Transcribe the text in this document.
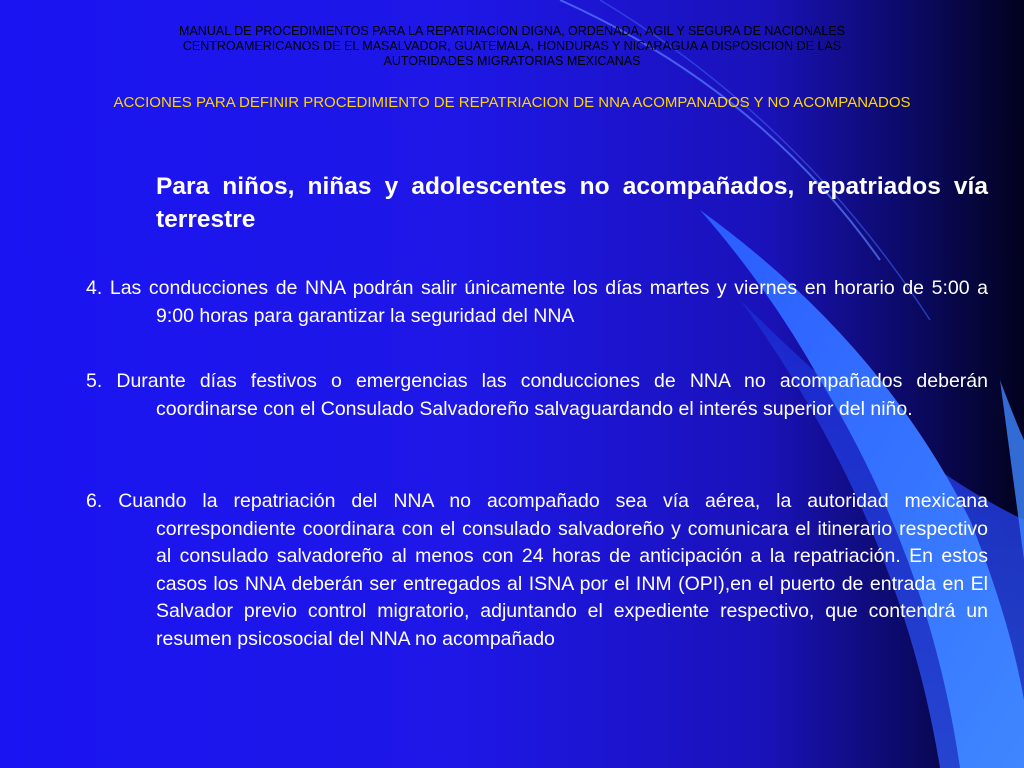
MANUAL DE PROCEDIMIENTOS PARA LA REPATRIACION DIGNA, ORDENADA, AGIL Y SEGURA DE NACIONALES
CENTROAMERICANOS DE EL MASALVADOR, GUATEMALA, HONDURAS Y NICARAGUA A DISPOSICION DE LAS
AUTORIDADES MIGRATORIAS MEXICANAS
ACCIONES PARA DEFINIR PROCEDIMIENTO DE REPATRIACION DE NNA ACOMPANADOS Y NO ACOMPANADOS
Para niños, niñas y adolescentes no acompañados, repatriados vía terrestre
4. Las conducciones de NNA podrán salir únicamente los días martes y viernes en horario de 5:00 a 9:00 horas para garantizar la seguridad del NNA
5. Durante días festivos o emergencias las conducciones de NNA no acompañados deberán coordinarse con el Consulado Salvadoreño salvaguardando el interés superior del niño.
6. Cuando la repatriación del NNA no acompañado sea vía aérea, la autoridad mexicana correspondiente coordinara con el consulado salvadoreño y comunicara el itinerario respectivo al consulado salvadoreño al menos con 24 horas de anticipación a la repatriación. En estos casos los NNA deberán ser entregados al ISNA por el INM (OPI),en el puerto de entrada en El Salvador previo control migratorio, adjuntando el expediente respectivo, que contendrá un resumen psicosocial del NNA no acompañado
